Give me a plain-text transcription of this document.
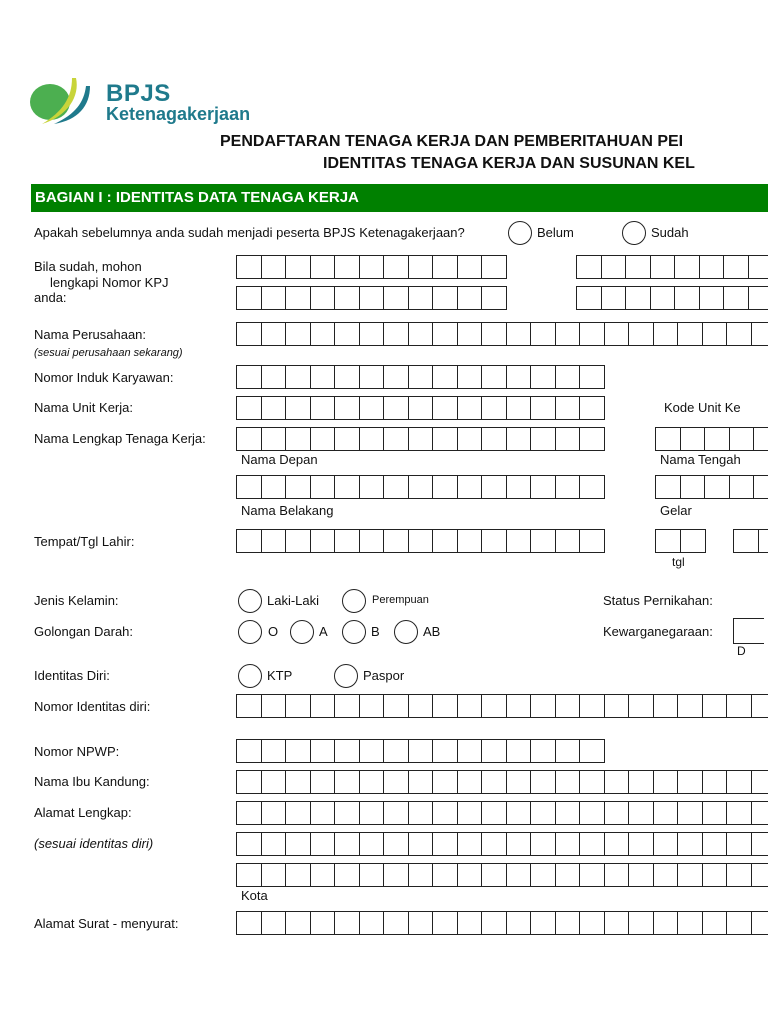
BPJS
Ketenagakerjaan
PENDAFTARAN TENAGA KERJA DAN PEMBERITAHUAN PEI
IDENTITAS TENAGA KERJA DAN SUSUNAN KEL
BAGIAN I : IDENTITAS DATA TENAGA KERJA
Apakah sebelumnya anda sudah menjadi peserta BPJS Ketenagakerjaan?	Belum	Sudah
Bila sudah, mohon
lengkapi Nomor KPJ
anda:
Nama Perusahaan:
(sesuai perusahaan sekarang)
Nomor Induk Karyawan:
Nama Unit Kerja:	Kode Unit Ke
Nama Lengkap Tenaga Kerja:
Nama Depan	Nama Tengah
Nama Belakang	Gelar
Tempat/Tgl Lahir:
tgl
Jenis Kelamin:	Laki-Laki	Perempuan	Status Pernikahan:
Golongan Darah:	O	A	B	AB	Kewarganegaraan:
D
Identitas Diri:	KTP	Paspor
Nomor Identitas diri:
Nomor NPWP:
Nama Ibu Kandung:
Alamat Lengkap:
(sesuai identitas diri)
Kota
Alamat Surat - menyurat:
